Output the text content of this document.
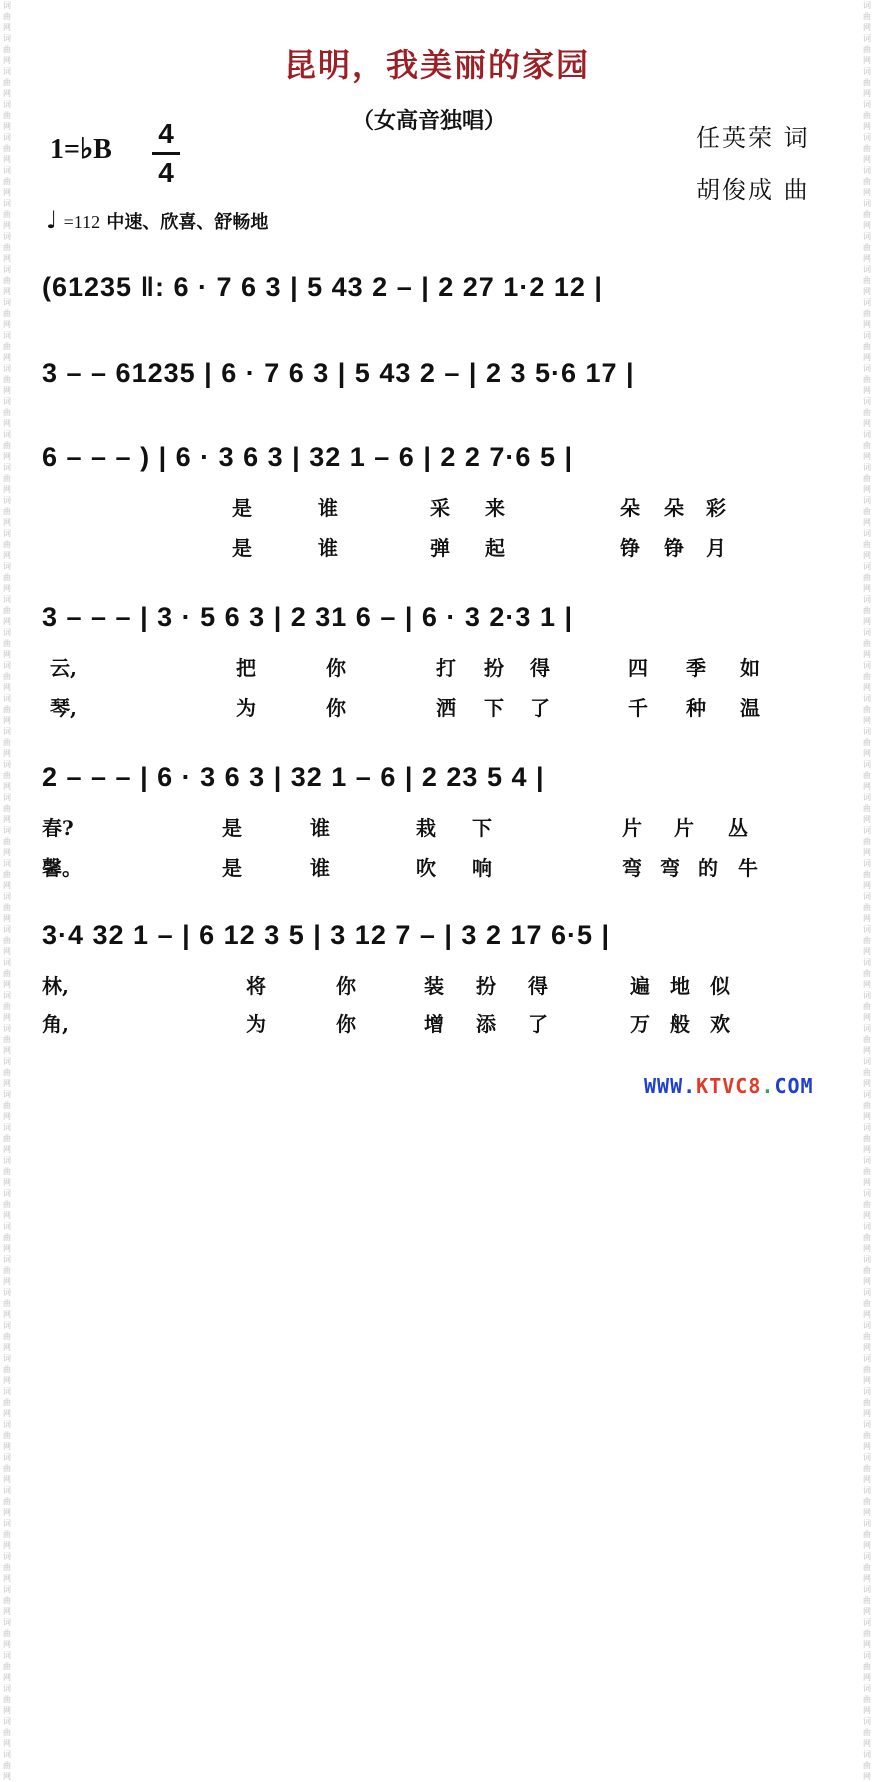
词曲网
词曲网
词曲网
词曲网
词曲网
词曲网
词曲网
词曲网
词曲网
词曲网
词曲网
词曲网
词曲网
词曲网
词曲网
词曲网
词曲网
词曲网
词曲网
词曲网
词曲网
词曲网
词曲网
词曲网
词曲网
词曲网
词曲网
词曲网
词曲网
词曲网
词曲网
词曲网
词曲网
词曲网
词曲网
词曲网
词曲网
词曲网
词曲网
词曲网
词曲网
词曲网
词曲网
词曲网
词曲网
词曲网
词曲网
词曲网
词曲网
词曲网
词曲网
词曲网
词曲网
词曲网
词曲网
词曲网
词曲网
词曲网
词曲网
词曲网
词曲网
词曲网
词曲网
词曲网
词曲网
词曲网
词曲网
词曲网
词曲网
词曲网
词曲网
词曲网
词曲网
词曲网
词曲网
词曲网
词曲网
词曲网
词曲网
词曲网
词曲网
词曲网
词曲网
词曲网
词曲网
词曲网
词曲网
词曲网
词曲网
词曲网
词曲网
词曲网
词曲网
词曲网
词曲网
词曲网
词曲网
词曲网
词曲网
词曲网
词曲网
词曲网
词曲网
词曲网
词曲网
词曲网
词曲网
词曲网
昆明，我美丽的家园
（女高音独唱）
1=♭B
4
4
任英荣 词
胡俊成 曲
♩ =112 中速、欣喜、舒畅地
(61235 ‖: 6 · 7 6 3 | 5 43 2 – | 2 27 1·2 12 |
3 – – 61235 | 6 · 7 6 3 | 5 43 2 – | 2 3 5·6 17 |
6 – – – ) | 6 · 3 6 3 | 32 1 – 6 | 2 2 7·6 5 |
是	谁	采 来	朵 朵 彩
是	谁	弹 起	铮 铮 月
3 – – – | 3 · 5 6 3 | 2 31 6 – | 6 · 3 2·3 1 |
云,	把	你	打 扮 得	四 季 如
琴,	为	你	洒 下 了	千 种 温
2 – – – | 6 · 3 6 3 | 32 1 – 6 | 2 23 5 4 |
春?	是	谁	栽 下	片 片 丛
馨。	是	谁	吹 响	弯 弯 的 牛
3·4 32 1 – | 6 12 3 5 | 3 12 7 – | 3 2 17 6·5 |
林,	将	你	装 扮 得	遍 地 似
角,	为	你	增 添 了	万 般 欢
WWW.KTVC8.COM
